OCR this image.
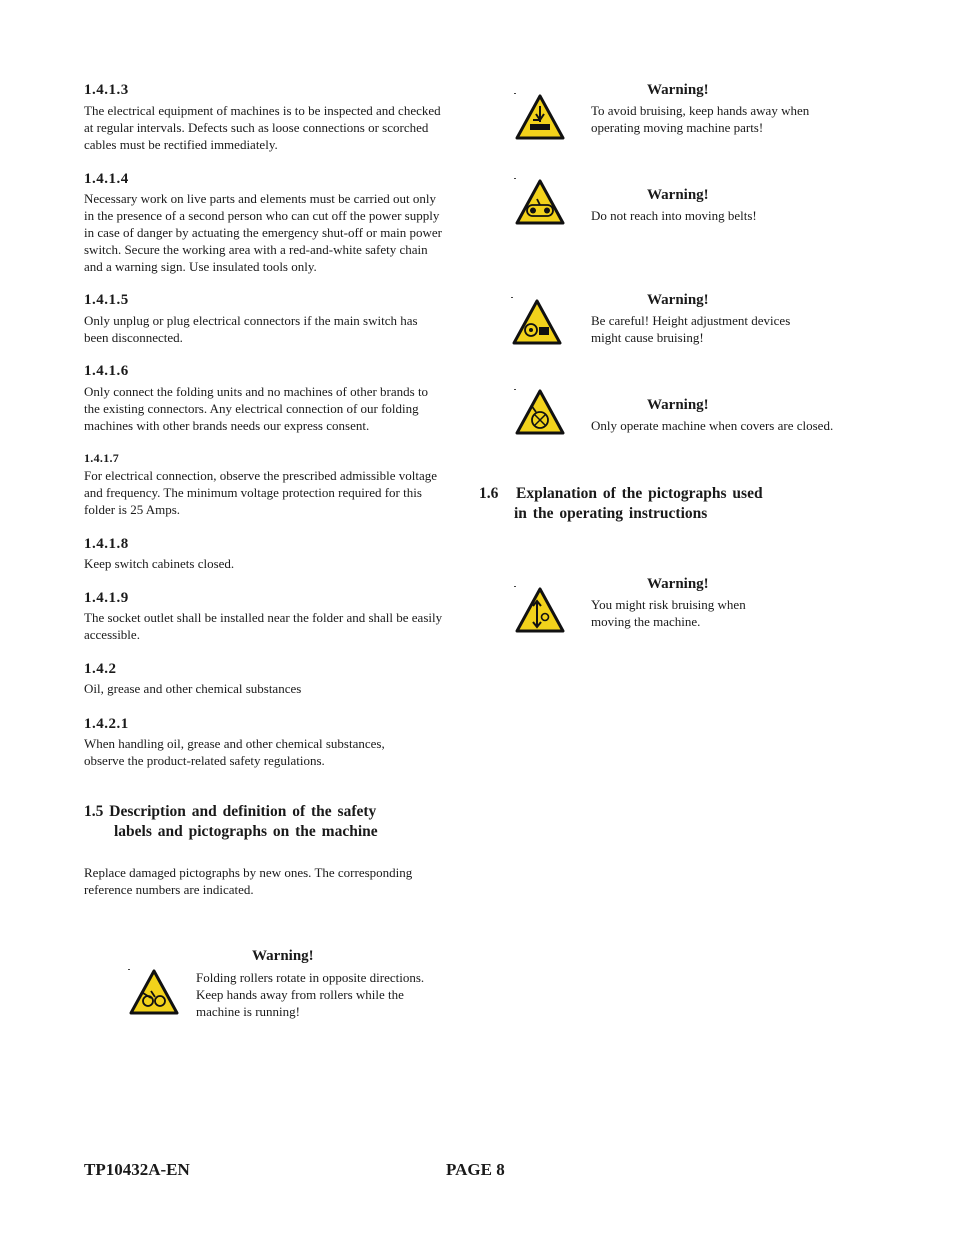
1.4.1.3
The electrical equipment of machines is to be inspected and checked
at regular intervals. Defects such as loose connections or scorched
cables must be rectified immediately.
1.4.1.4
Necessary work on live parts and elements must be carried out only
in the presence of a second person who can cut off the power supply
in case of danger by actuating the emergency shut-off or main power
switch. Secure the working area with a red-and-white safety chain
and a warning sign. Use insulated tools only.
1.4.1.5
Only unplug or plug electrical connectors if the main switch has
been disconnected.
1.4.1.6
Only connect the folding units and no machines of other brands to
the existing connectors. Any electrical connection of our folding
machines with other brands needs our express consent.
1.4.1.7
For electrical connection, observe the prescribed admissible voltage
and frequency. The minimum voltage protection required for this
folder is 25 Amps.
1.4.1.8
Keep switch cabinets closed.
1.4.1.9
The socket outlet shall be installed near the folder and shall be easily
accessible.
1.4.2
Oil, grease and other chemical substances
1.4.2.1
When handling oil, grease and other chemical substances,
observe the product-related safety regulations.
1.5 Description and definition of the safety
labels and pictographs on the machine
Replace damaged pictographs by new ones. The corresponding
reference numbers are indicated.
Warning!
Folding rollers rotate in opposite directions.
Keep hands away from rollers while the
machine is running!
Warning!
To avoid bruising, keep hands away when
operating moving machine parts!
Warning!
Do not reach into moving belts!
Warning!
Be careful! Height adjustment devices
might cause bruising!
Warning!
Only operate machine when covers are closed.
1.6   Explanation of the pictographs used
in the operating instructions
Warning!
You might risk bruising when
moving the machine.
TP10432A-EN	PAGE 8
